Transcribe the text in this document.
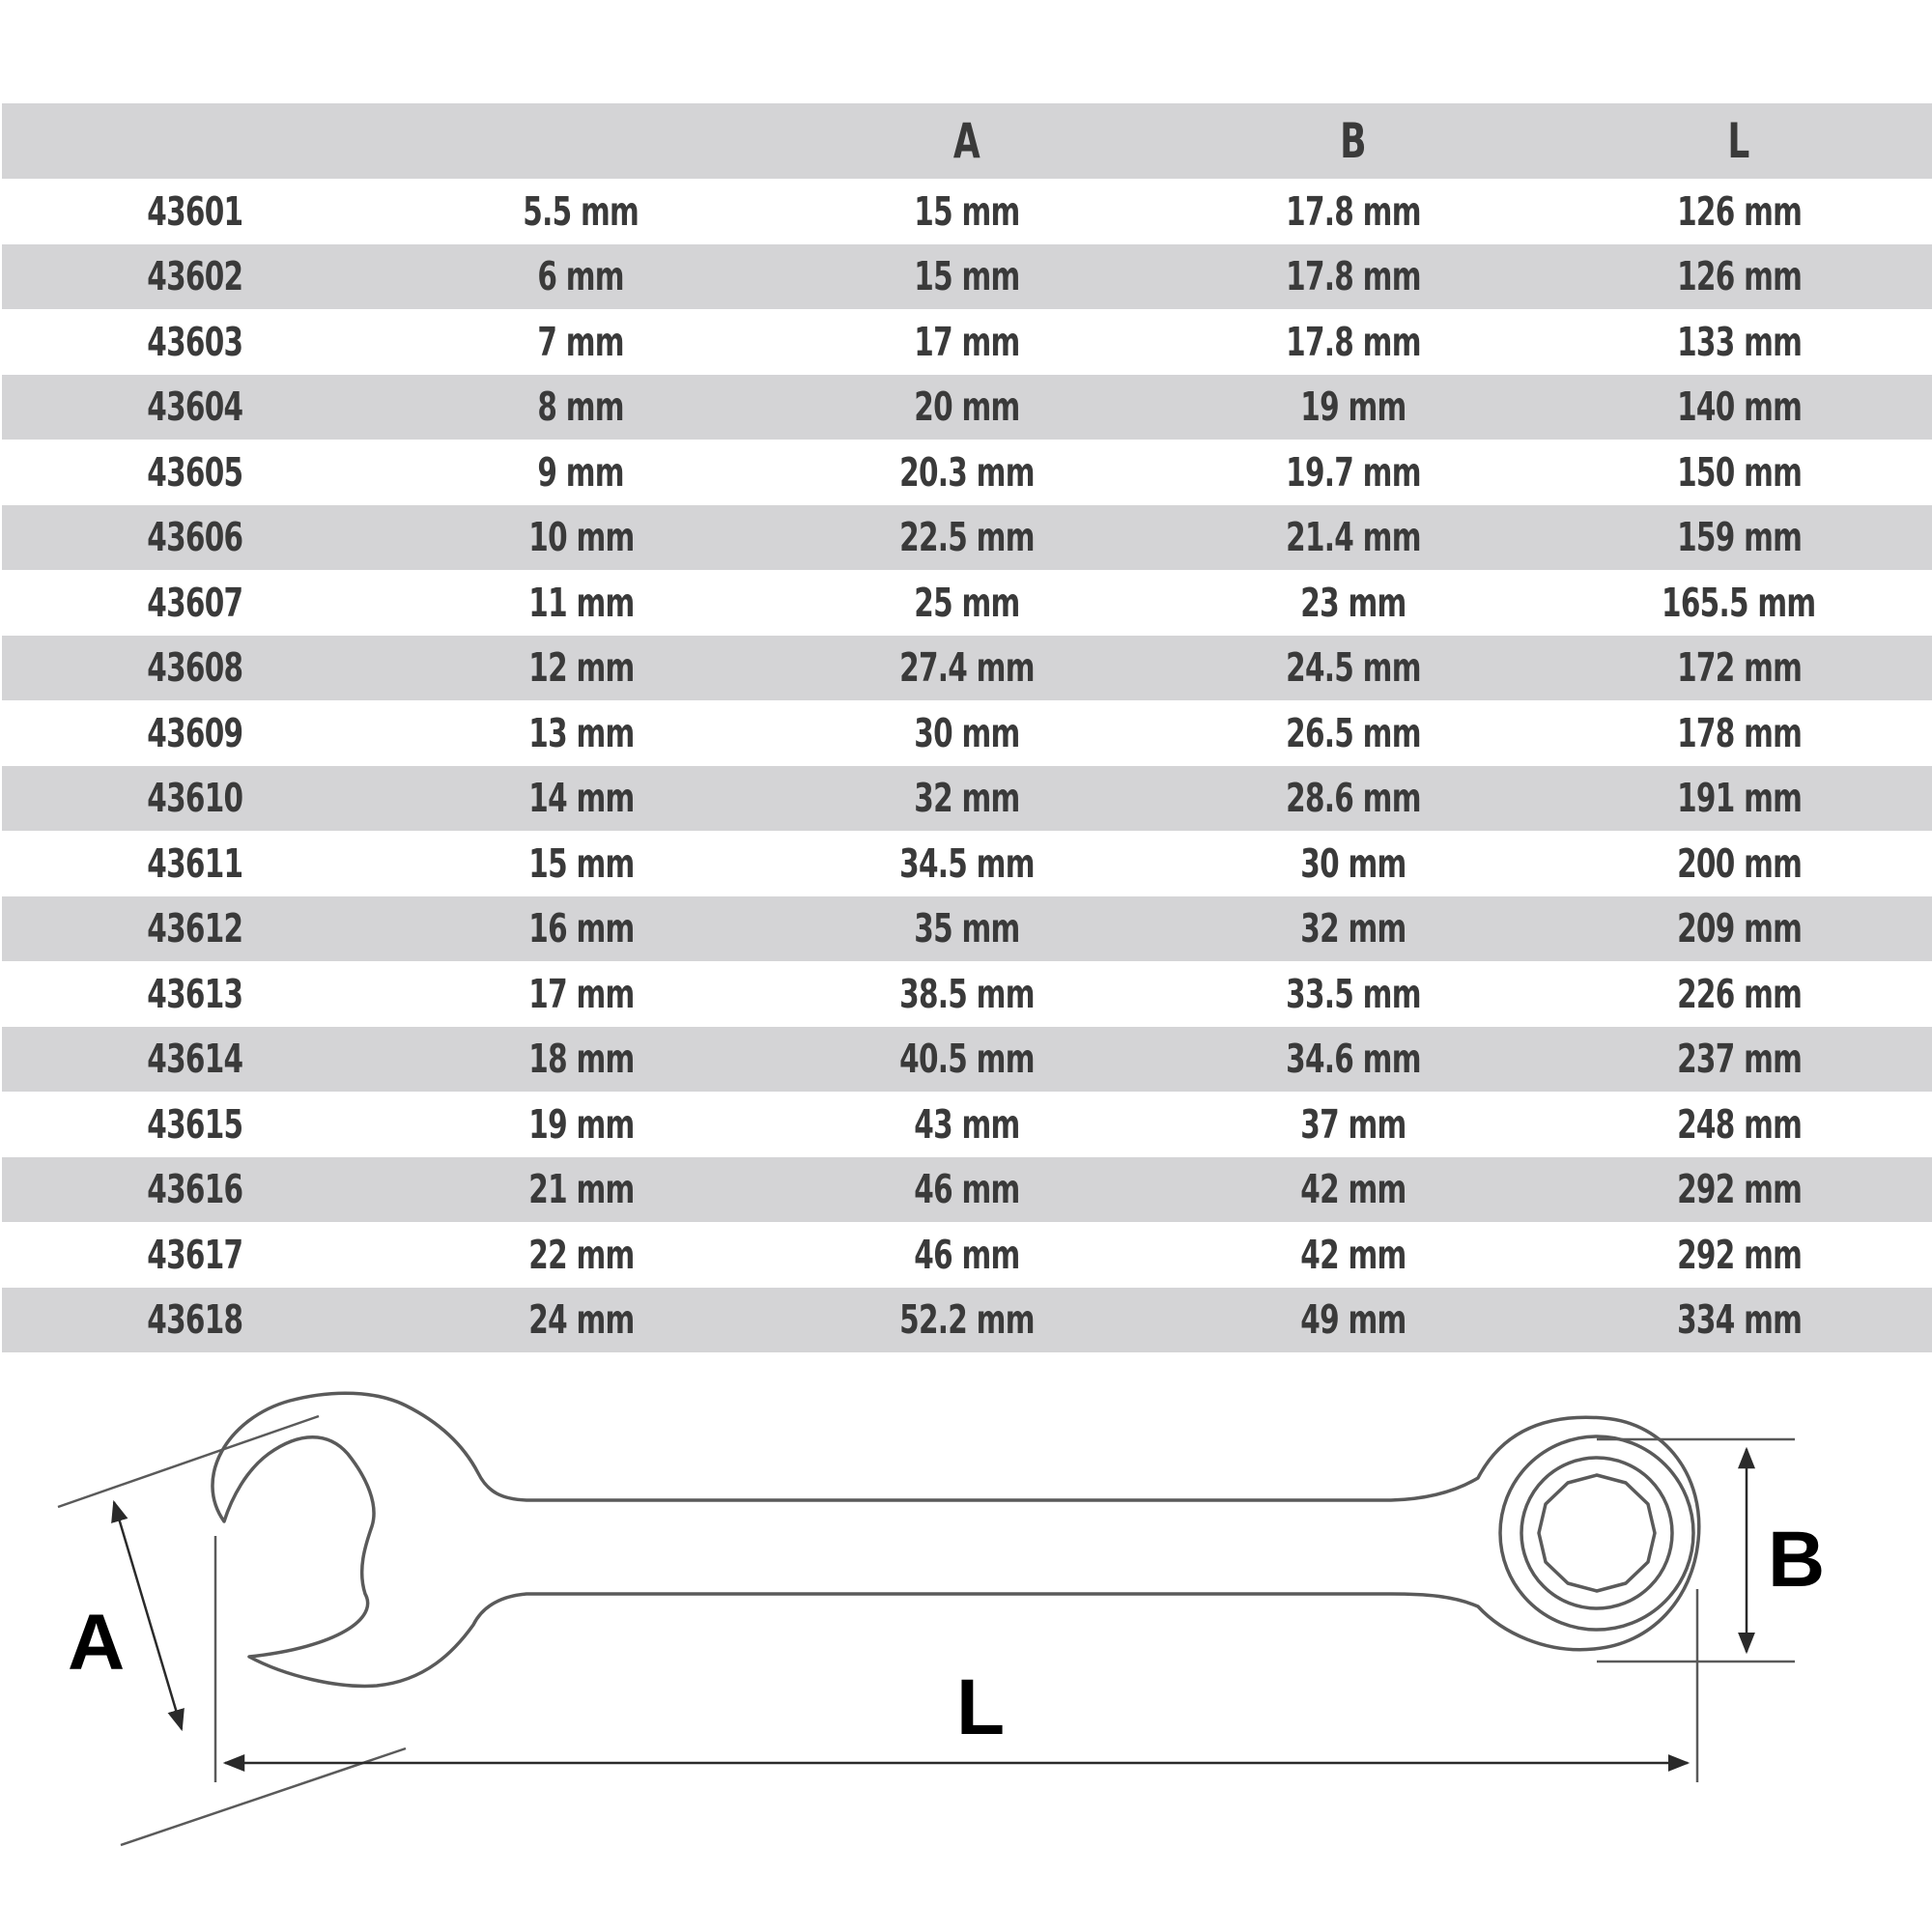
		A	B	L
43601	5.5 mm	15 mm	17.8 mm	126 mm
43602	6 mm	15 mm	17.8 mm	126 mm
43603	7 mm	17 mm	17.8 mm	133 mm
43604	8 mm	20 mm	19 mm	140 mm
43605	9 mm	20.3 mm	19.7 mm	150 mm
43606	10 mm	22.5 mm	21.4 mm	159 mm
43607	11 mm	25 mm	23 mm	165.5 mm
43608	12 mm	27.4 mm	24.5 mm	172 mm
43609	13 mm	30 mm	26.5 mm	178 mm
43610	14 mm	32 mm	28.6 mm	191 mm
43611	15 mm	34.5 mm	30 mm	200 mm
43612	16 mm	35 mm	32 mm	209 mm
43613	17 mm	38.5 mm	33.5 mm	226 mm
43614	18 mm	40.5 mm	34.6 mm	237 mm
43615	19 mm	43 mm	37 mm	248 mm
43616	21 mm	46 mm	42 mm	292 mm
43617	22 mm	46 mm	42 mm	292 mm
43618	24 mm	52.2 mm	49 mm	334 mm
A
B
L
